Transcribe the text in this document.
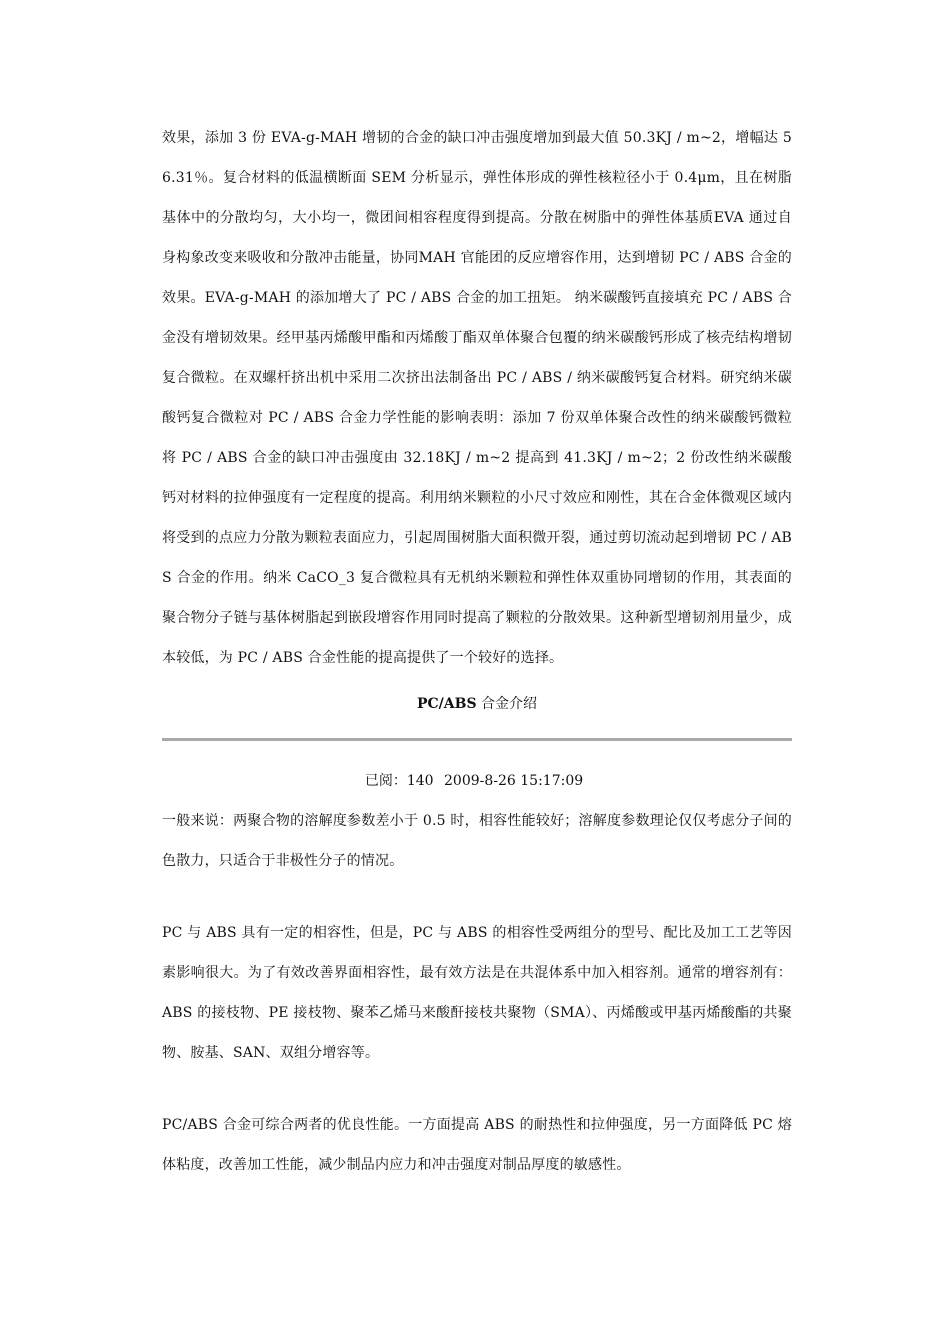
效果，添加 3 份 EVA-g-MAH 增韧的合金的缺口冲击强度增加到最大值 50.3KJ / m~2，增幅达 56.31％。复合材料的低温横断面 SEM 分析显示，弹性体形成的弹性核粒径小于 0.4μm，且在树脂基体中的分散均匀，大小均一，微团间相容程度得到提高。分散在树脂中的弹性体基质EVA 通过自身构象改变来吸收和分散冲击能量，协同MAH 官能团的反应增容作用，达到增韧 PC / ABS 合金的效果。EVA-g-MAH 的添加增大了 PC / ABS 合金的加工扭矩。 纳米碳酸钙直接填充 PC / ABS 合金没有增韧效果。经甲基丙烯酸甲酯和丙烯酸丁酯双单体聚合包覆的纳米碳酸钙形成了核壳结构增韧复合微粒。在双螺杆挤出机中采用二次挤出法制备出 PC / ABS / 纳米碳酸钙复合材料。研究纳米碳酸钙复合微粒对 PC / ABS 合金力学性能的影响表明：添加 7 份双单体聚合改性的纳米碳酸钙微粒将 PC / ABS 合金的缺口冲击强度由 32.18KJ / m~2 提高到 41.3KJ / m~2；2 份改性纳米碳酸钙对材料的拉伸强度有一定程度的提高。利用纳米颗粒的小尺寸效应和刚性，其在合金体微观区域内将受到的点应力分散为颗粒表面应力，引起周围树脂大面积微开裂，通过剪切流动起到增韧 PC / ABS 合金的作用。纳米 CaCO_3 复合微粒具有无机纳米颗粒和弹性体双重协同增韧的作用，其表面的聚合物分子链与基体树脂起到嵌段增容作用同时提高了颗粒的分散效果。这种新型增韧剂用量少，成本较低，为 PC / ABS 合金性能的提高提供了一个较好的选择。

PC/ABS 合金介绍
已阅：140 2009-8-26 15:17:09

一般来说：两聚合物的溶解度参数差小于 0.5 时，相容性能较好；溶解度参数理论仅仅考虑分子间的色散力，只适合于非极性分子的情况。

PC 与 ABS 具有一定的相容性，但是，PC 与 ABS 的相容性受两组分的型号、配比及加工工艺等因素影响很大。为了有效改善界面相容性，最有效方法是在共混体系中加入相容剂。通常的增容剂有：ABS 的接枝物、PE 接枝物、聚苯乙烯马来酸酐接枝共聚物（SMA）、丙烯酸或甲基丙烯酸酯的共聚物、胺基、SAN、双组分增容等。

PC/ABS 合金可综合两者的优良性能。一方面提高 ABS 的耐热性和拉伸强度，另一方面降低 PC 熔体粘度，改善加工性能，减少制品内应力和冲击强度对制品厚度的敏感性。
